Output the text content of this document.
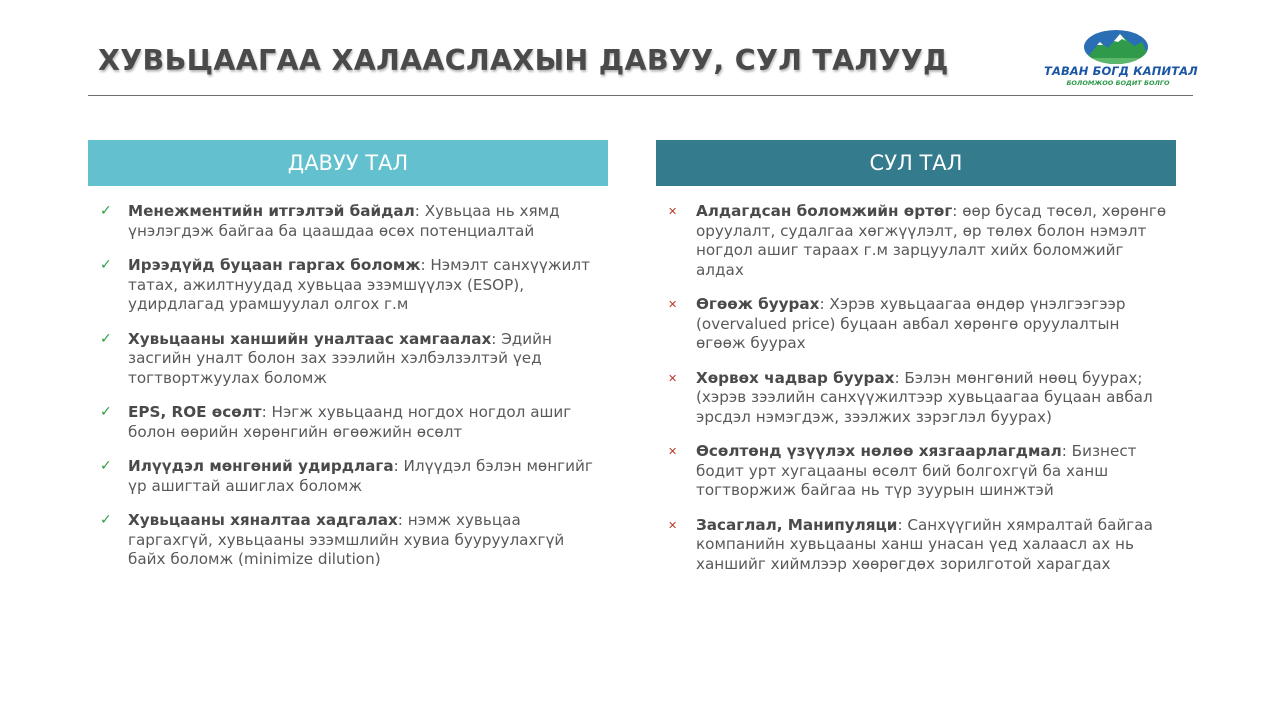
ХУВЬЦААГАА ХАЛААСЛАХЫН ДАВУУ, СУЛ ТАЛУУД	ТАВАН БОГД КАПИТАЛ
БОЛОМЖОО БОДИТ БОЛГО
ДАВУУ ТАЛ	СУЛ ТАЛ
✓ Менежментийн итгэлтэй байдал: Хувьцаа нь хямд үнэлэгдэж байгаа ба цаашдаа өсөх потенциалтай
✓ Ирээдүйд буцаан гаргах боломж: Нэмэлт санхүүжилт татах, ажилтнуудад хувьцаа эзэмшүүлэх (ESOP), удирдлагад урамшуулал олгох г.м
✓ Хувьцааны ханшийн уналтаас хамгаалах: Эдийн засгийн уналт болон зах зээлийн хэлбэлзэлтэй үед тогтвортжуулах боломж
✓ EPS, ROE өсөлт: Нэгж хувьцаанд ногдох ногдол ашиг болон өөрийн хөрөнгийн өгөөжийн өсөлт
✓ Илүүдэл мөнгөний удирдлага: Илүүдэл бэлэн мөнгийг үр ашигтай ашиглах боломж
✓ Хувьцааны хяналтаа хадгалах: нэмж хувьцаа гаргахгүй, хувьцааны эзэмшлийн хувиа бууруулахгүй байх боломж (minimize dilution)
✕ Алдагдсан боломжийн өртөг: өөр бусад төсөл, хөрөнгө оруулалт, судалгаа хөгжүүлэлт, өр төлөх болон нэмэлт ногдол ашиг тараах г.м зарцуулалт хийх боломжийг алдах
✕ Өгөөж буурах: Хэрэв хувьцаагаа өндөр үнэлгээгээр (overvalued price) буцаан авбал хөрөнгө оруулалтын өгөөж буурах
✕ Хөрвөх чадвар буурах: Бэлэн мөнгөний нөөц буурах; (хэрэв зээлийн санхүүжилтээр хувьцаагаа буцаан авбал эрсдэл нэмэгдэж, зээлжих зэрэглэл буурах)
✕ Өсөлтөнд үзүүлэх нөлөө хязгаарлагдмал: Бизнест бодит урт хугацааны өсөлт бий болгохгүй ба ханш тогтворжиж байгаа нь түр зуурын шинжтэй
✕ Засаглал, Манипуляци: Санхүүгийн хямралтай байгаа компанийн хувьцааны ханш унасан үед халаасл ах нь ханшийг хиймлээр хөөрөгдөх зорилготой харагдах
